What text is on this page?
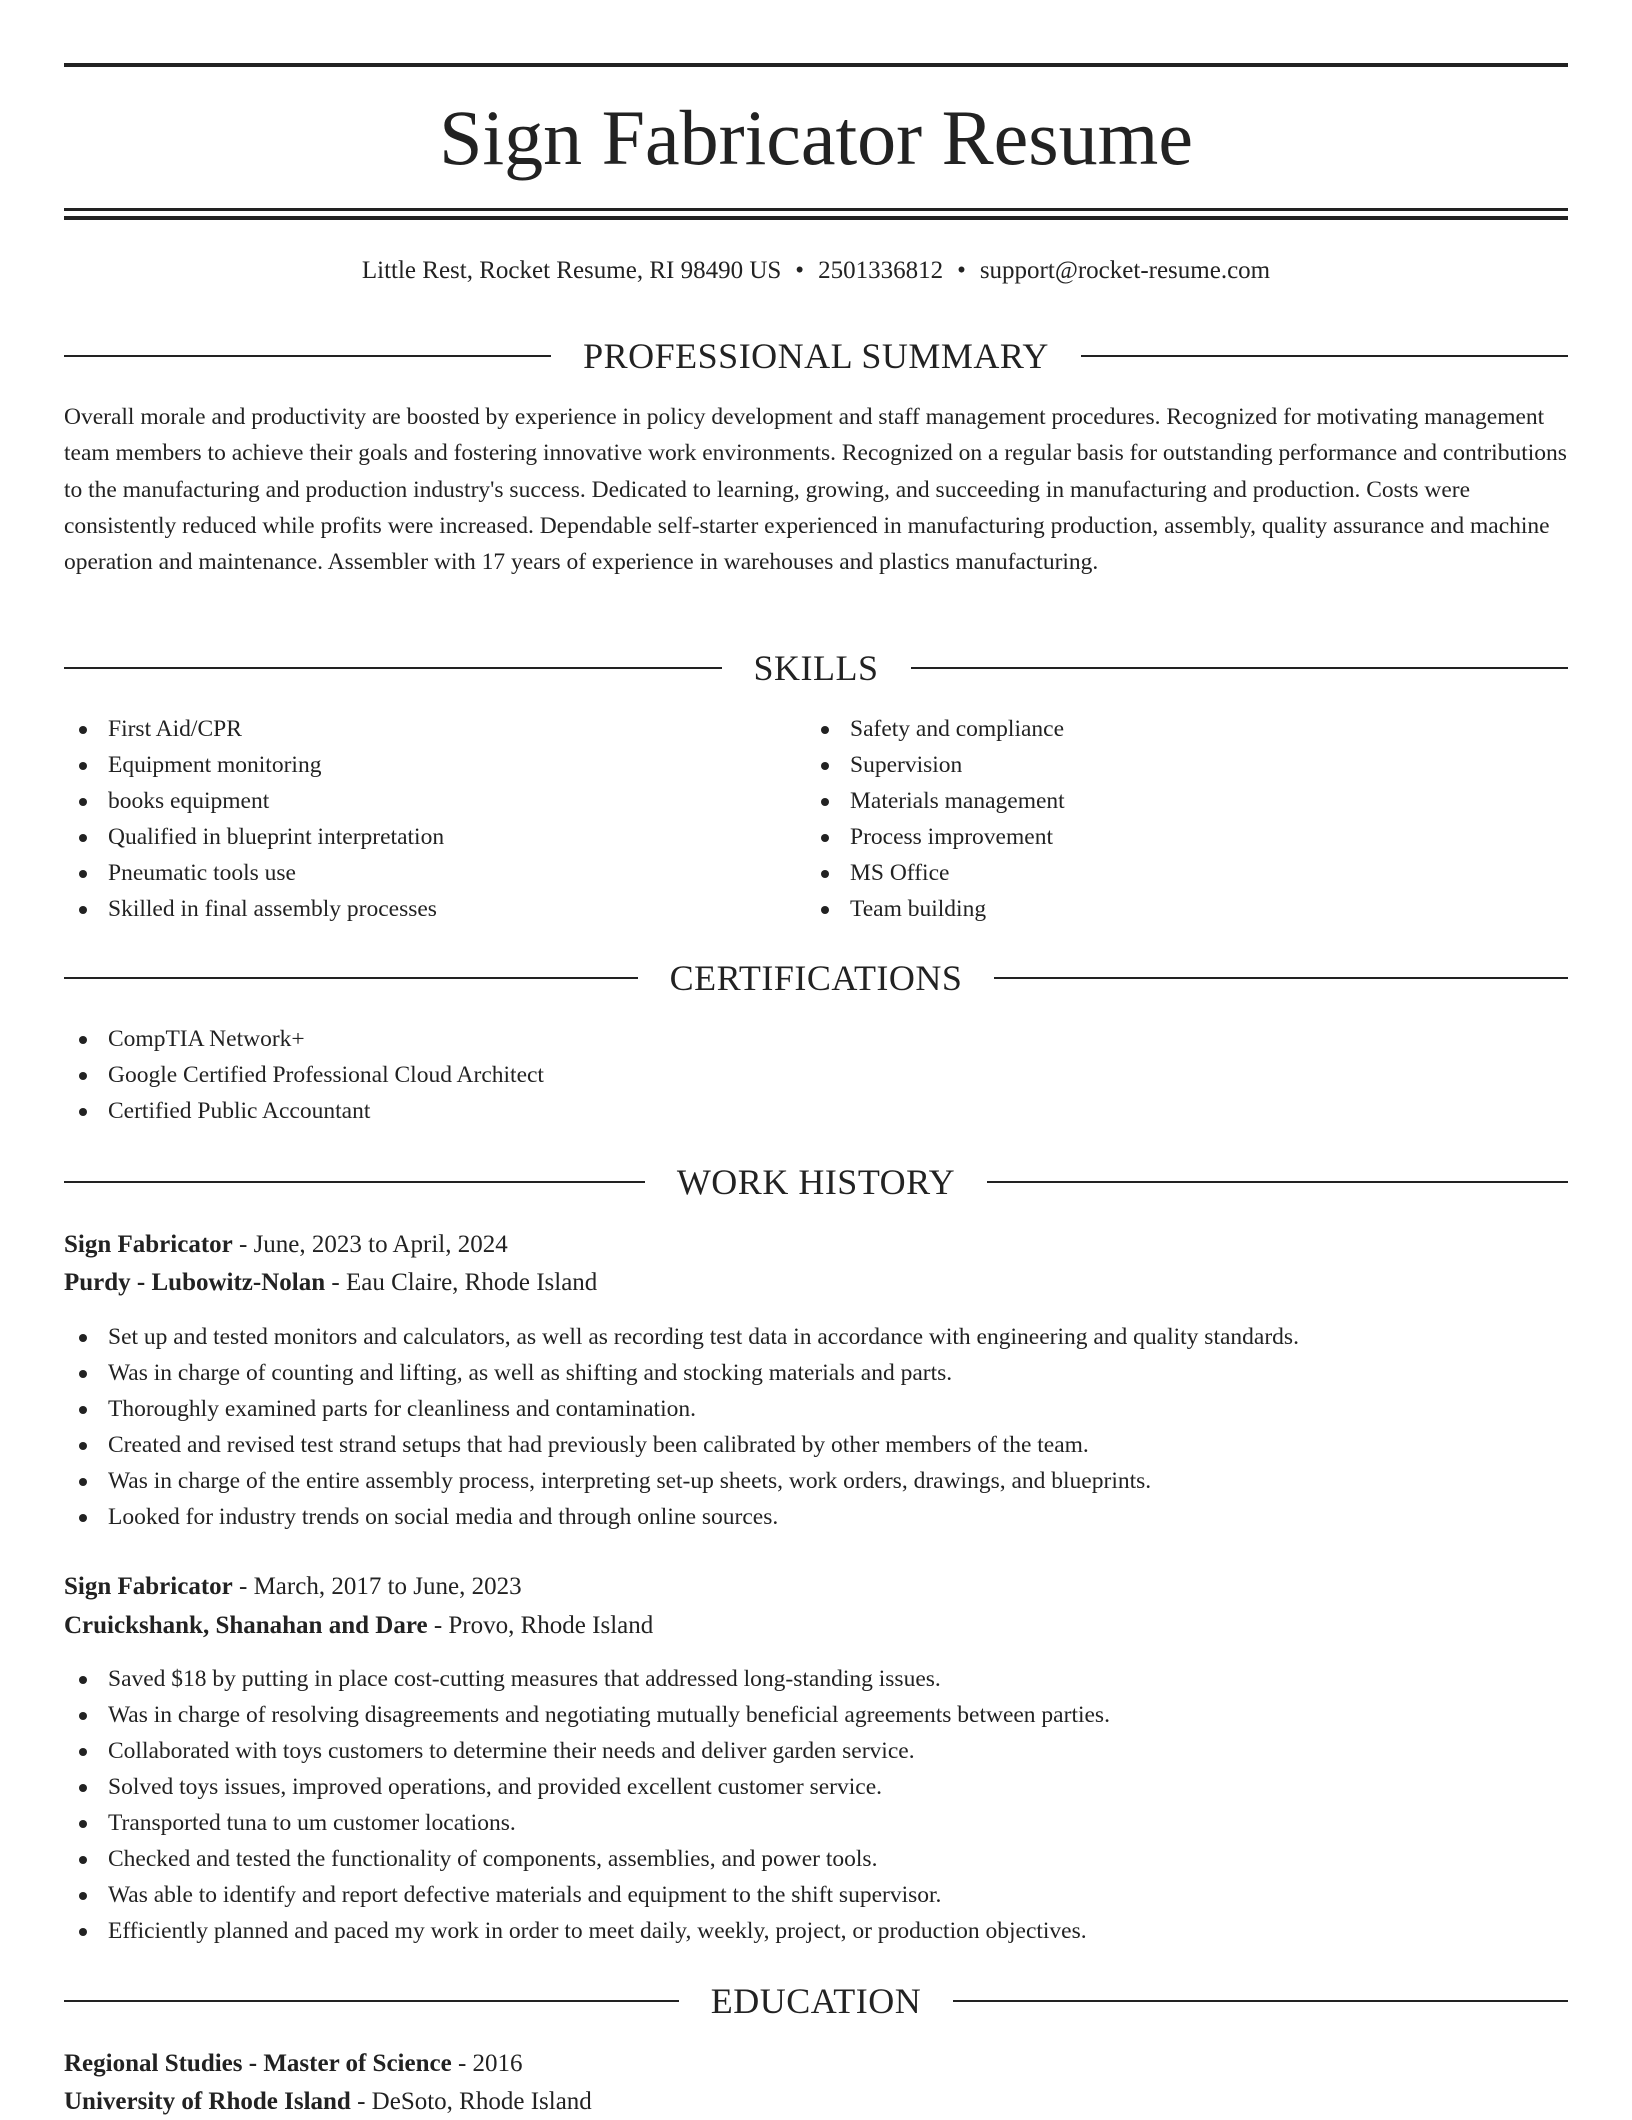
Sign Fabricator Resume
Little Rest, Rocket Resume, RI 98490 US • 2501336812 • support@rocket-resume.com
PROFESSIONAL SUMMARY

Overall morale and productivity are boosted by experience in policy development and staff management procedures. Recognized for motivating management team members to achieve their goals and fostering innovative work environments. Recognized on a regular basis for outstanding performance and contributions to the manufacturing and production industry's success. Dedicated to learning, growing, and succeeding in manufacturing and production. Costs were consistently reduced while profits were increased. Dependable self-starter experienced in manufacturing production, assembly, quality assurance and machine operation and maintenance. Assembler with 17 years of experience in warehouses and plastics manufacturing.

SKILLS
First Aid/CPR
Equipment monitoring
books equipment
Qualified in blueprint interpretation
Pneumatic tools use
Skilled in final assembly processes
Safety and compliance
Supervision
Materials management
Process improvement
MS Office
Team building
CERTIFICATIONS
CompTIA Network+
Google Certified Professional Cloud Architect
Certified Public Accountant
WORK HISTORY
Sign Fabricator - June, 2023 to April, 2024
Purdy - Lubowitz-Nolan - Eau Claire, Rhode Island
Set up and tested monitors and calculators, as well as recording test data in accordance with engineering and quality standards.
Was in charge of counting and lifting, as well as shifting and stocking materials and parts.
Thoroughly examined parts for cleanliness and contamination.
Created and revised test strand setups that had previously been calibrated by other members of the team.
Was in charge of the entire assembly process, interpreting set-up sheets, work orders, drawings, and blueprints.
Looked for industry trends on social media and through online sources.
Sign Fabricator - March, 2017 to June, 2023
Cruickshank, Shanahan and Dare - Provo, Rhode Island
Saved $18 by putting in place cost-cutting measures that addressed long-standing issues.
Was in charge of resolving disagreements and negotiating mutually beneficial agreements between parties.
Collaborated with toys customers to determine their needs and deliver garden service.
Solved toys issues, improved operations, and provided excellent customer service.
Transported tuna to um customer locations.
Checked and tested the functionality of components, assemblies, and power tools.
Was able to identify and report defective materials and equipment to the shift supervisor.
Efficiently planned and paced my work in order to meet daily, weekly, project, or production objectives.
EDUCATION
Regional Studies - Master of Science - 2016
University of Rhode Island - DeSoto, Rhode Island
